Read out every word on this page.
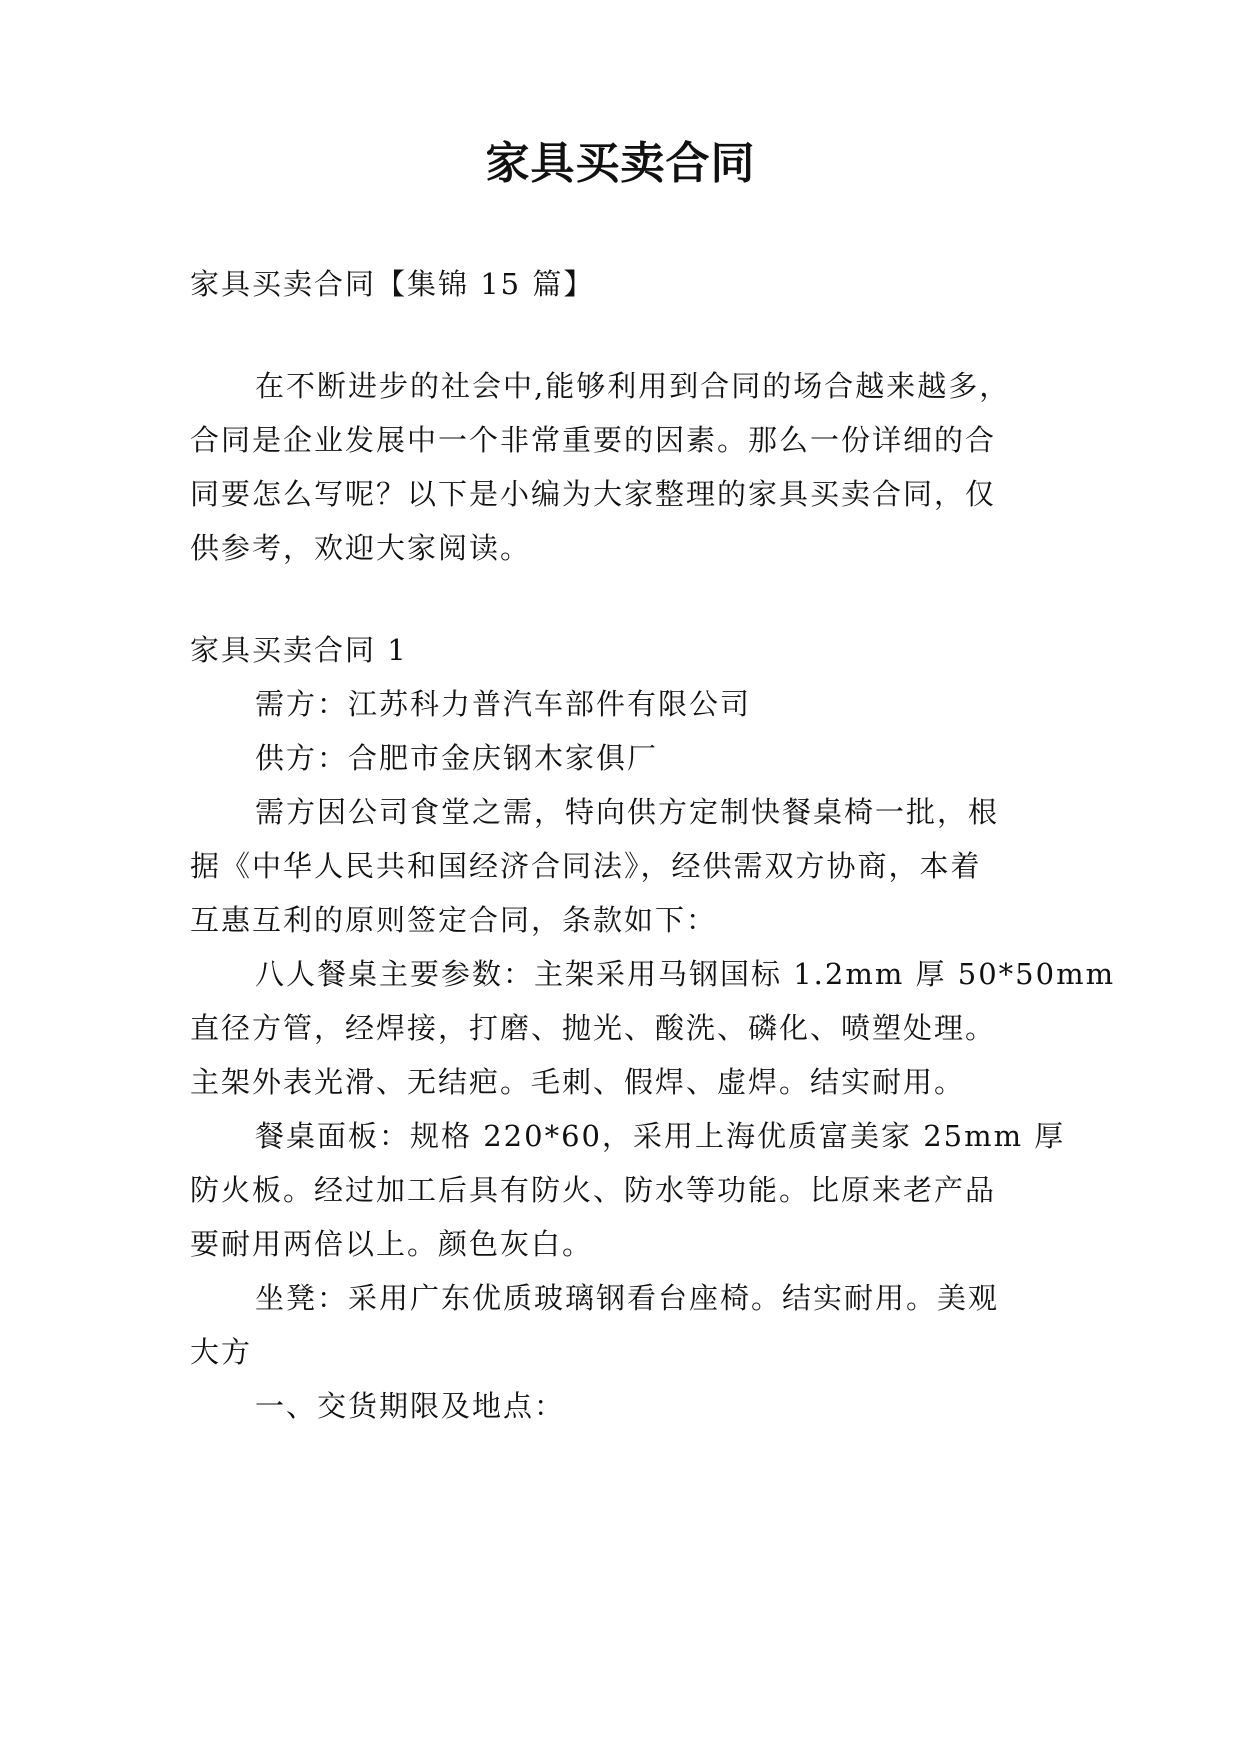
家具买卖合同
家具买卖合同【集锦 15 篇】
在不断进步的社会中,能够利用到合同的场合越来越多，
合同是企业发展中一个非常重要的因素。那么一份详细的合
同要怎么写呢？以下是小编为大家整理的家具买卖合同，仅
供参考，欢迎大家阅读。
家具买卖合同 1
需方：江苏科力普汽车部件有限公司
供方：合肥市金庆钢木家俱厂
需方因公司食堂之需，特向供方定制快餐桌椅一批，根
据《中华人民共和国经济合同法》，经供需双方协商，本着
互惠互利的原则签定合同，条款如下：
八人餐桌主要参数：主架采用马钢国标 1.2mm 厚 50*50mm
直径方管，经焊接，打磨、抛光、酸洗、磷化、喷塑处理。
主架外表光滑、无结疤。毛刺、假焊、虚焊。结实耐用。
餐桌面板：规格 220*60，采用上海优质富美家 25mm 厚
防火板。经过加工后具有防火、防水等功能。比原来老产品
要耐用两倍以上。颜色灰白。
坐凳：采用广东优质玻璃钢看台座椅。结实耐用。美观
大方
一、交货期限及地点：
